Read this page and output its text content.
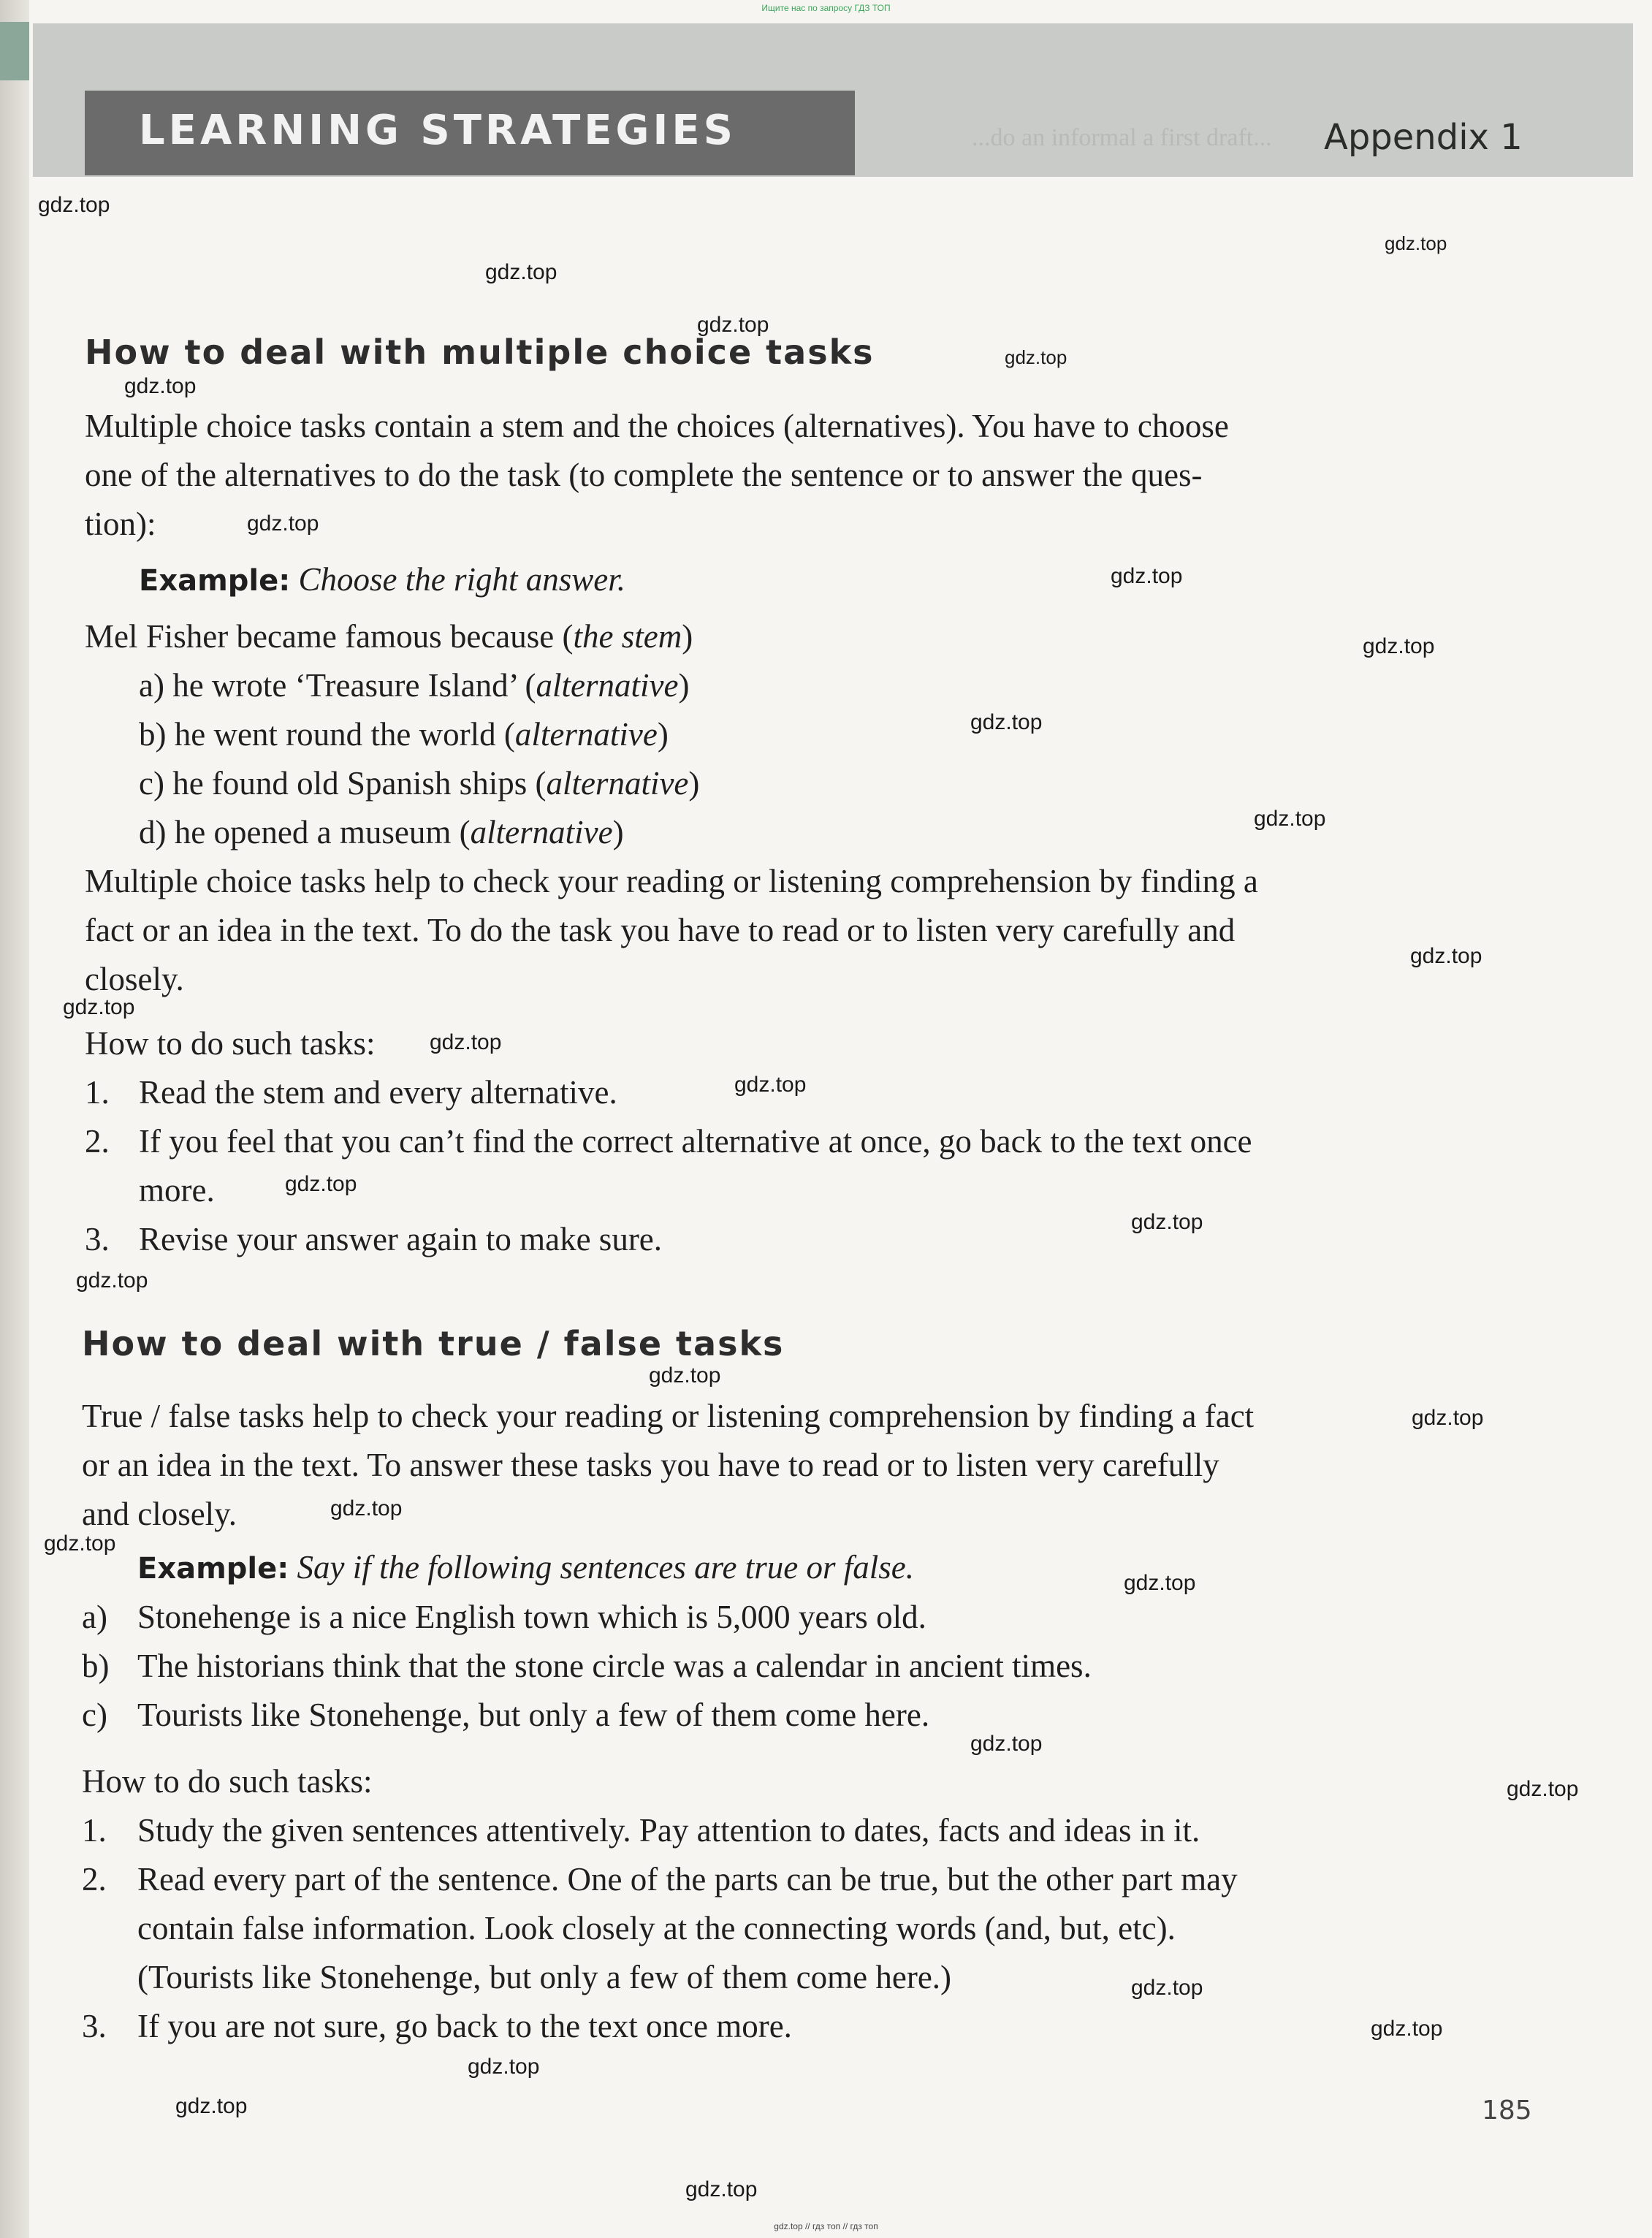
Ищите нас по запросу ГДЗ ТОП
...do an informal a first draft...
LEARNING STRATEGIES	Appendix 1
How to deal with multiple choice tasks
Multiple choice tasks contain a stem and the choices (alternatives). You have to choose
one of the alternatives to do the task (to complete the sentence or to answer the ques-
tion):
Example: Choose the right answer.
Mel Fisher became famous because (the stem)
a) he wrote ‘Treasure Island’ (alternative)
b) he went round the world (alternative)
c) he found old Spanish ships (alternative)
d) he opened a museum (alternative)
Multiple choice tasks help to check your reading or listening comprehension by finding a
fact or an idea in the text. To do the task you have to read or to listen very carefully and
closely.
How to do such tasks:
1. Read the stem and every alternative.
2. If you feel that you can’t find the correct alternative at once, go back to the text once
more.
3. Revise your answer again to make sure.
How to deal with true / false tasks
True / false tasks help to check your reading or listening comprehension by finding a fact
or an idea in the text. To answer these tasks you have to read or to listen very carefully
and closely.
Example: Say if the following sentences are true or false.
a) Stonehenge is a nice English town which is 5,000 years old.
b) The historians think that the stone circle was a calendar in ancient times.
c) Tourists like Stonehenge, but only a few of them come here.
How to do such tasks:
1. Study the given sentences attentively. Pay attention to dates, facts and ideas in it.
2. Read every part of the sentence. One of the parts can be true, but the other part may
contain false information. Look closely at the connecting words (and, but, etc).
(Tourists like Stonehenge, but only a few of them come here.)
3. If you are not sure, go back to the text once more.
185
gdz.top
gdz.top
gdz.top
gdz.top
gdz.top
gdz.top
gdz.top
gdz.top
gdz.top
gdz.top
gdz.top
gdz.top
gdz.top
gdz.top
gdz.top
gdz.top
gdz.top
gdz.top
gdz.top
gdz.top
gdz.top
gdz.top
gdz.top
gdz.top
gdz.top
gdz.top
gdz.top
gdz.top
gdz.top
gdz.top
gdz.top // гдз топ // гдз топ
